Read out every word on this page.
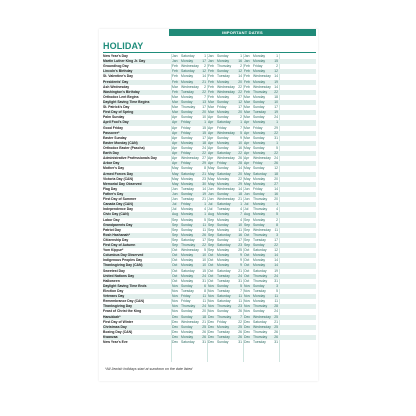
IMPORTANT DATES
HOLIDAY
New Year's Day	Jan	Saturday	1 Jan	Sunday	1 Jan	Monday	1
Martin Luther King Jr. Day	Jan	Monday	17 Jan	Monday	16 Jan	Monday	15
Groundhog Day	Feb Wednesday	2 Feb Thursday	2 Feb Friday	2
Lincoln's Birthday	Feb Saturday	12 Feb Sunday	12 Feb Monday	12
St. Valentine's Day	Feb Monday	14 Feb Tuesday	14 Feb Wednesday 14
Presidents' Day	Feb Monday	21 Feb Monday	20 Feb Monday	19
Ash Wednesday	Mar Wednesday	2 Feb Wednesday 22 Feb Wednesday 14
Washington's Birthday	Feb Tuesday	22 Feb Wednesday 22 Feb Thursday	22
Orthodox Lent Begins	Mar Monday	7 Feb Monday	27 Mar Monday	18
Daylight Saving Time Begins	Mar Sunday	13 Mar Sunday	12 Mar Sunday	10
St. Patrick's Day	Mar Thursday	17 Mar Friday	17 Mar Sunday	17
First Day of Spring	Mar Sunday	20 Mar Monday	20 Mar Tuesday	19
Palm Sunday	Apr	Sunday	10 Apr	Sunday	2 Mar Sunday	24
April Fool's Day	Apr	Friday	1 Apr	Saturday	1 Apr	Monday	1
Good Friday	Apr	Friday	15 Apr	Friday	7 Mar Friday	29
Passover*	Apr	Friday	15 Apr	Wednesday	5 Apr	Monday	22
Easter Sunday	Apr	Sunday	17 Apr	Sunday	9 Mar Sunday	31
Easter Monday (CAN)	Apr	Monday	18 Apr	Monday	10 Apr	Monday	1
Orthodox Easter (Pascha)	Apr	Sunday	24 Apr	Sunday	16 May Sunday	5
Earth Day	Apr	Friday	22 Apr	Saturday	22 Apr	Monday	22
Administrative Professionals Day	Apr	Wednesday 27 Apr	Wednesday 26 Apr	Wednesday 24
Arbor Day	Apr	Friday	29 Apr	Friday	28 Apr	Friday	26
Mother's Day	May Sunday	8 May Sunday	14 May Sunday	12
Armed Forces Day	May Saturday	21 May Saturday	20 May Saturday	18
Victoria Day (CAN)	May Monday	23 May Monday	22 May Monday	20
Memorial Day Observed	May Monday	30 May Monday	29 May Monday	27
Flag Day	Jun	Tuesday	14 Jun	Wednesday 14 Jun	Friday	14
Father's Day	Jun	Sunday	19 Jun	Sunday	18 Jun	Sunday	16
First Day of Summer	Jun	Tuesday	21 Jun	Wednesday 21 Jun	Thursday	20
Canada Day (CAN)	Jul	Friday	1 Jul	Saturday	1 Jul	Monday	1
Independence Day	Jul	Monday	4 Jul	Tuesday	4 Jul	Thursday	4
Civic Day (CAN)	Aug Monday	1 Aug Monday	7 Aug Monday	5
Labor Day	Sep Monday	5 Sep Monday	4 Sep Monday	2
Grandparents Day	Sep Sunday	11 Sep Sunday	10 Sep Sunday	8
Patriot Day	Sep Sunday	11 Sep Monday	11 Sep Wednesday	11
Rosh Hashanah*	Sep Monday	26 Sep Saturday	16 Oct	Thursday	3
Citizenship Day	Sep Saturday	17 Sep Sunday	17 Sep Tuesday	17
First Day of Autumn	Sep Thursday	22 Sep Saturday	23 Sep Sunday	22
Yom Kippur*	Oct	Wednesday	5 Sep Monday	25 Oct	Saturday	12
Columbus Day Observed	Oct	Monday	10 Oct	Monday	9 Oct	Monday	14
Indigenous Peoples Day	Oct	Monday	10 Oct	Monday	9 Oct	Monday	14
Thanksgiving Day (CAN)	Oct	Monday	10 Oct	Monday	9 Oct	Monday	14
Sweetest Day	Oct	Saturday	15 Oct	Saturday	21 Oct	Saturday	19
United Nations Day	Oct	Monday	24 Oct	Tuesday	24 Oct	Thursday	24
Halloween	Oct	Monday	31 Oct	Tuesday	31 Oct	Thursday	31
Daylight Saving Time Ends	Nov Sunday	6 Nov Sunday	5 Nov Sunday	3
Election Day	Nov Tuesday	8 Nov Tuesday	7 Nov Tuesday	5
Veterans Day	Nov Friday	11 Nov Saturday	11 Nov Monday	11
Remembrance Day (CAN)	Nov Friday	11 Nov Saturday	11 Nov Monday	11
Thanksgiving Day	Nov Thursday	24 Nov Thursday	23 Nov Thursday	28
Feast of Christ the King	Nov Sunday	20 Nov Sunday	26 Nov Sunday	24
Hanukkah*	Dec Sunday	18 Dec Thursday	7 Dec Wednesday 25
First Day of Winter	Dec Wednesday 21 Dec Friday	22 Dec Saturday	21
Christmas Day	Dec Sunday	25 Dec Monday	25 Dec Wednesday 25
Boxing Day (CAN)	Dec Monday	26 Dec Tuesday	26 Dec Thursday	26
Kwanzaa	Dec Monday	26 Dec Tuesday	26 Dec Thursday	26
New Year's Eve	Dec Saturday	31 Dec Sunday	31 Dec Tuesday	31
*All Jewish holidays start at sundown on the date listed
